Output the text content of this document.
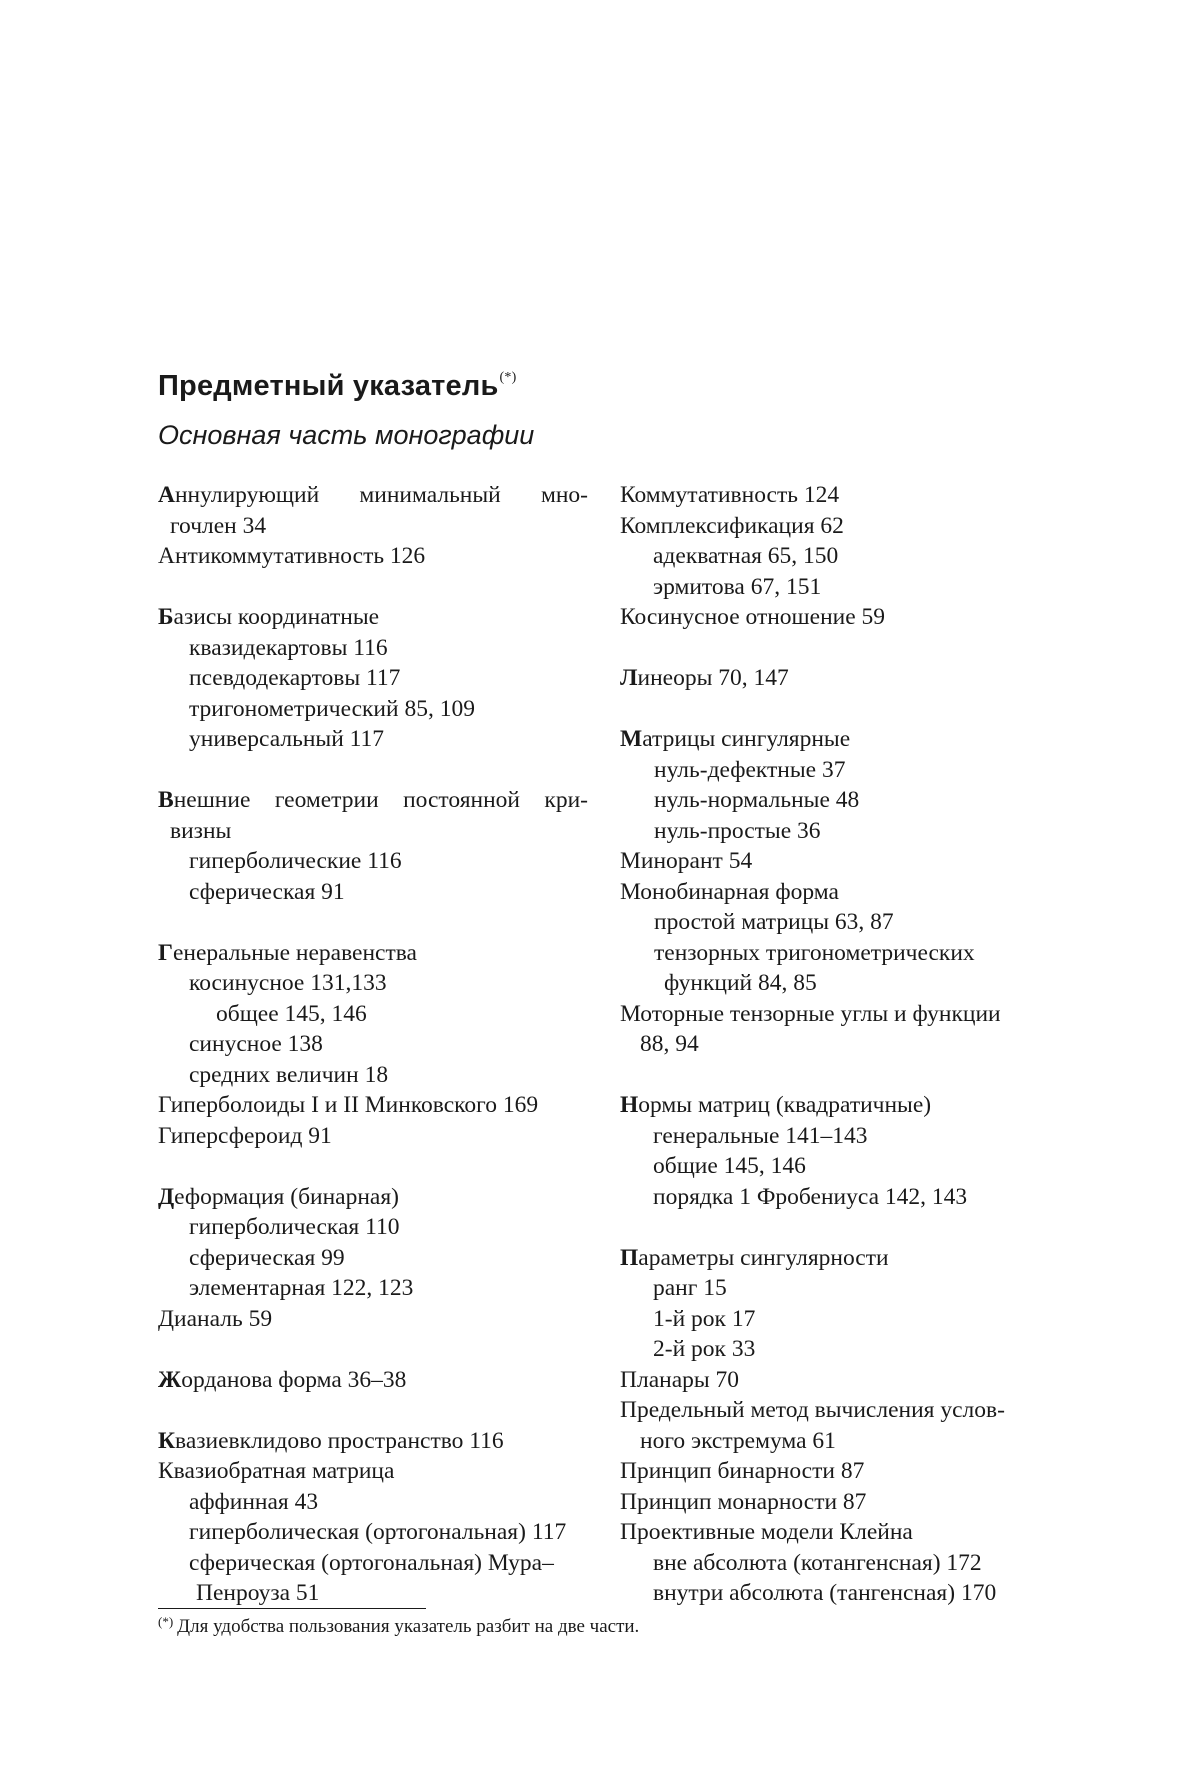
Предметный указатель(*)
Основная часть монографии
Аннулирующий минимальный мно-
гочлен 34
Антикоммутативность 126
Базисы координатные
квазидекартовы 116
псевдодекартовы 117
тригонометрический 85, 109
универсальный 117
Внешние геометрии постоянной кри-
визны
гиперболические 116
сферическая 91
Генеральные неравенства
косинусное 131,133
общее 145, 146
синусное 138
средних величин 18
Гиперболоиды I и II Минковского 169
Гиперсфероид 91
Деформация (бинарная)
гиперболическая 110
сферическая 99
элементарная 122, 123
Дианаль 59
Жорданова форма 36–38
Квазиевклидово пространство 116
Квазиобратная матрица
аффинная 43
гиперболическая (ортогональная) 117
сферическая (ортогональная) Мура–
Пенроуза 51
Коммутативность 124
Комплексификация 62
адекватная 65, 150
эрмитова 67, 151
Косинусное отношение 59
Линеоры 70, 147
Матрицы сингулярные
нуль-дефектные 37
нуль-нормальные 48
нуль-простые 36
Минорант 54
Монобинарная форма
простой матрицы 63, 87
тензорных тригонометрических
функций 84, 85
Моторные тензорные углы и функции
88, 94
Нормы матриц (квадратичные)
генеральные 141–143
общие 145, 146
порядка 1 Фробениуса 142, 143
Параметры сингулярности
ранг 15
1-й рок 17
2-й рок 33
Планары 70
Предельный метод вычисления услов-
ного экстремума 61
Принцип бинарности 87
Принцип монарности 87
Проективные модели Клейна
вне абсолюта (котангенсная) 172
внутри абсолюта (тангенсная) 170
(*) Для удобства пользования указатель разбит на две части.
